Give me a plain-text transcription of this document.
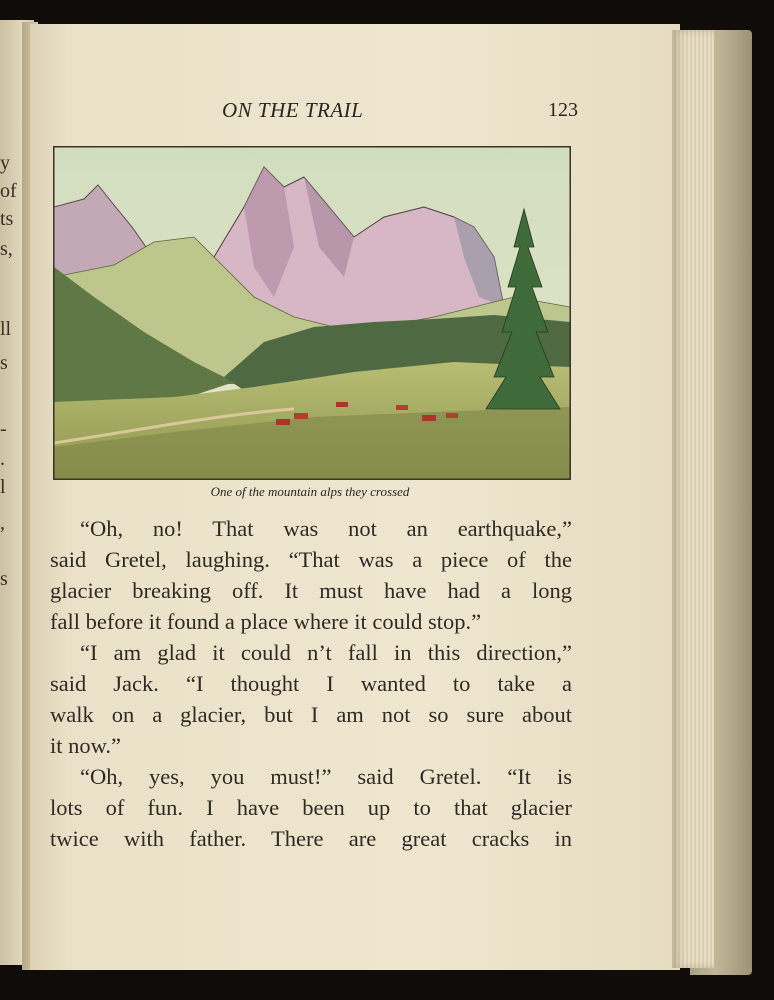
y
of
ts
s,
ll
s
-
.
l
,
s
ON THE TRAIL	123
One of the mountain alps they crossed
“Oh, no! That was not an earthquake,”
said Gretel, laughing. “That was a piece of the
glacier breaking off. It must have had a long
fall before it found a place where it could stop.”
“I am glad it could n’t fall in this direction,”
said Jack. “I thought I wanted to take a
walk on a glacier, but I am not so sure about
it now.”
“Oh, yes, you must!” said Gretel. “It is
lots of fun. I have been up to that glacier
twice with father. There are great cracks in
